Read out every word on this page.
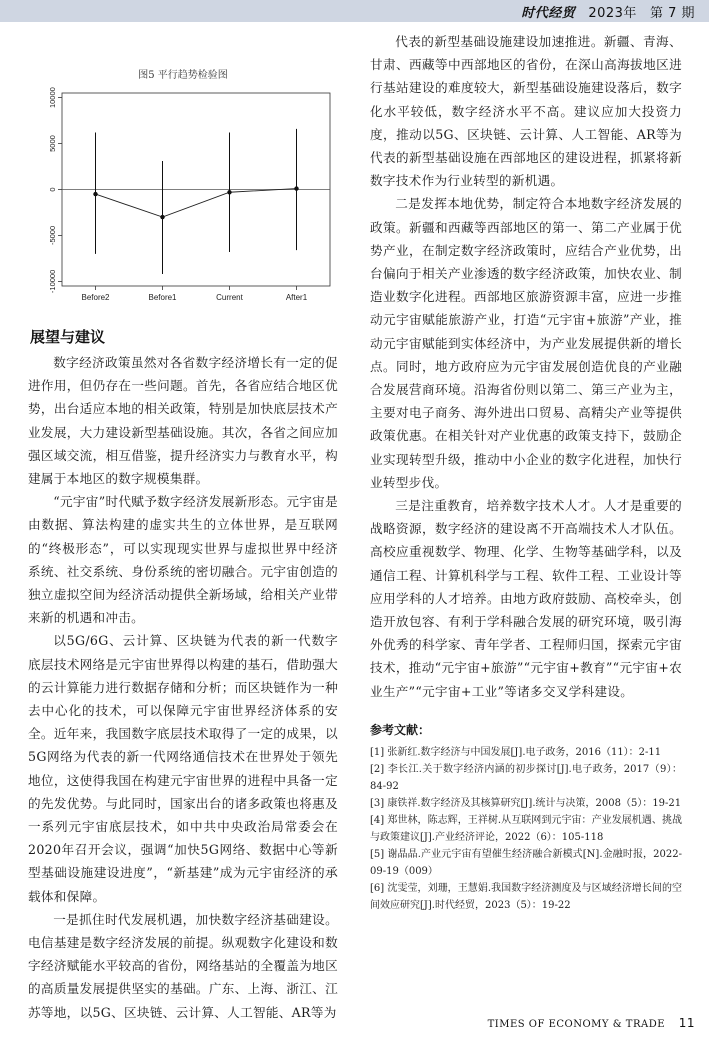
时代经贸 2023年 第 7 期
图5 平行趋势检验图
-10000
-5000
0
5000
10000
Before2	Before1	Current	After1
展望与建议

数字经济政策虽然对各省数字经济增长有一定的促进作用，但仍存在一些问题。首先，各省应结合地区优势，出台适应本地的相关政策，特别是加快底层技术产业发展，大力建设新型基础设施。其次，各省之间应加强区域交流，相互借鉴，提升经济实力与教育水平，构建属于本地区的数字规模集群。

“元宇宙”时代赋予数字经济发展新形态。元宇宙是由数据、算法构建的虚实共生的立体世界，是互联网的“终极形态”，可以实现现实世界与虚拟世界中经济系统、社交系统、身份系统的密切融合。元宇宙创造的独立虚拟空间为经济活动提供全新场域，给相关产业带来新的机遇和冲击。

以5G/6G、云计算、区块链为代表的新一代数字底层技术网络是元宇宙世界得以构建的基石，借助强大的云计算能力进行数据存储和分析；而区块链作为一种去中心化的技术，可以保障元宇宙世界经济体系的安全。近年来，我国数字底层技术取得了一定的成果，以5G网络为代表的新一代网络通信技术在世界处于领先地位，这使得我国在构建元宇宙世界的进程中具备一定的先发优势。与此同时，国家出台的诸多政策也将惠及一系列元宇宙底层技术，如中共中央政治局常委会在2020年召开会议，强调“加快5G网络、数据中心等新型基础设施建设进度”，“新基建”成为元宇宙经济的承载体和保障。

一是抓住时代发展机遇，加快数字经济基础建设。电信基建是数字经济发展的前提。纵观数字化建设和数字经济赋能水平较高的省份，网络基站的全覆盖为地区的高质量发展提供坚实的基础。广东、上海、浙江、江苏等地，以5G、区块链、云计算、人工智能、AR等为

代表的新型基础设施建设加速推进。新疆、青海、甘肃、西藏等中西部地区的省份，在深山高海拔地区进行基站建设的难度较大，新型基础设施建设落后，数字化水平较低，数字经济水平不高。建议应加大投资力度，推动以5G、区块链、云计算、人工智能、AR等为代表的新型基础设施在西部地区的建设进程，抓紧将新数字技术作为行业转型的新机遇。

二是发挥本地优势，制定符合本地数字经济发展的政策。新疆和西藏等西部地区的第一、第二产业属于优势产业，在制定数字经济政策时，应结合产业优势，出台偏向于相关产业渗透的数字经济政策，加快农业、制造业数字化进程。西部地区旅游资源丰富，应进一步推动元宇宙赋能旅游产业，打造“元宇宙+旅游”产业，推动元宇宙赋能到实体经济中，为产业发展提供新的增长点。同时，地方政府应为元宇宙发展创造优良的产业融合发展营商环境。沿海省份则以第二、第三产业为主，主要对电子商务、海外进出口贸易、高精尖产业等提供政策优惠。在相关针对产业优惠的政策支持下，鼓励企业实现转型升级，推动中小企业的数字化进程，加快行业转型步伐。

三是注重教育，培养数字技术人才。人才是重要的战略资源，数字经济的建设离不开高端技术人才队伍。高校应重视数学、物理、化学、生物等基础学科，以及通信工程、计算机科学与工程、软件工程、工业设计等应用学科的人才培养。由地方政府鼓励、高校牵头，创造开放包容、有利于学科融合发展的研究环境，吸引海外优秀的科学家、青年学者、工程师归国，探索元宇宙技术，推动“元宇宙+旅游”“元宇宙+教育”“元宇宙+农业生产”“元宇宙+工业”等诸多交叉学科建设。

参考文献：
[1] 张新红.数字经济与中国发展[J].电子政务，2016（11）：2-11
[2] 李长江.关于数字经济内涵的初步探讨[J].电子政务，2017（9）：84-92
[3] 康铁祥.数字经济及其核算研究[J].统计与决策，2008（5）：19-21
[4] 郑世林，陈志辉，王祥树.从互联网到元宇宙：产业发展机遇、挑战与政策建议[J].产业经济评论，2022（6）：105-118
[5] 谢晶晶.产业元宇宙有望催生经济融合新模式[N].金融时报，2022-09-19（009）
[6] 沈雯莹，刘珊，王慧娟.我国数字经济测度及与区域经济增长间的空间效应研究[J].时代经贸，2023（5）：19-22
TIMES OF ECONOMY & TRADE 11
